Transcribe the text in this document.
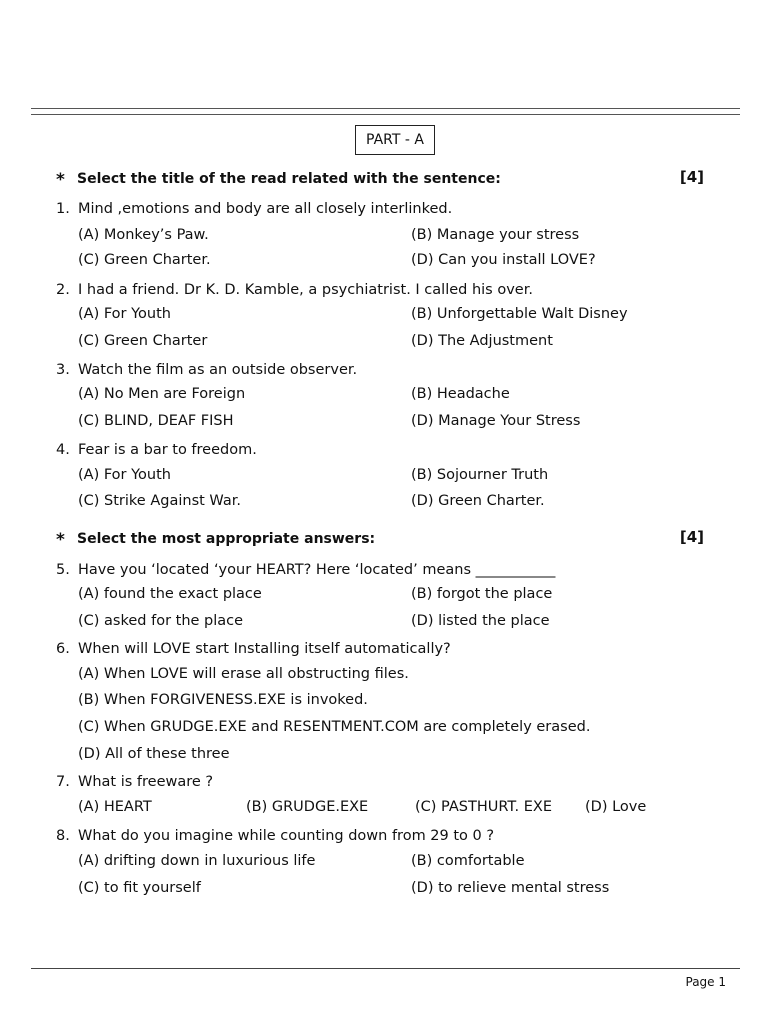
PART - A
* Select the title of the read related with the sentence:	[4]
1. Mind ,emotions and body are all closely interlinked.
(A) Monkey’s Paw.	(B) Manage your stress
(C) Green Charter.	(D) Can you install LOVE?
2. I had a friend. Dr K. D. Kamble, a psychiatrist. I called his over.
(A) For Youth	(B) Unforgettable Walt Disney
(C) Green Charter	(D) The Adjustment
3. Watch the film as an outside observer.
(A) No Men are Foreign	(B) Headache
(C) BLIND, DEAF FISH	(D) Manage Your Stress
4. Fear is a bar to freedom.
(A) For Youth	(B) Sojourner Truth
(C) Strike Against War.	(D) Green Charter.
* Select the most appropriate answers:	[4]
5. Have you ‘located ‘your HEART? Here ‘located’ means ___________
(A) found the exact place	(B) forgot the place
(C) asked for the place	(D) listed the place
6. When will LOVE start Installing itself automatically?
(A) When LOVE will erase all obstructing files.
(B) When FORGIVENESS.EXE is invoked.
(C) When GRUDGE.EXE and RESENTMENT.COM are completely erased.
(D) All of these three
7. What is freeware ?
(A) HEART	(B) GRUDGE.EXE	(C) PASTHURT. EXE (D) Love
8. What do you imagine while counting down from 29 to 0 ?
(A) drifting down in luxurious life	(B) comfortable
(C) to fit yourself	(D) to relieve mental stress
Page 1
